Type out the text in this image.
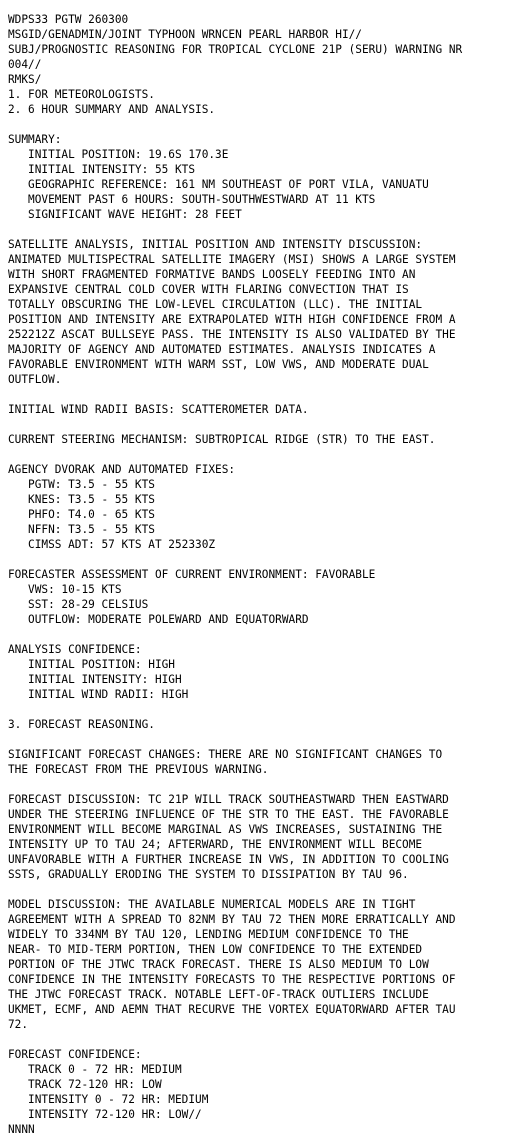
WDPS33 PGTW 260300
MSGID/GENADMIN/JOINT TYPHOON WRNCEN PEARL HARBOR HI//
SUBJ/PROGNOSTIC REASONING FOR TROPICAL CYCLONE 21P (SERU) WARNING NR
004//
RMKS/
1. FOR METEOROLOGISTS.
2. 6 HOUR SUMMARY AND ANALYSIS.
SUMMARY:
INITIAL POSITION: 19.6S 170.3E
INITIAL INTENSITY: 55 KTS
GEOGRAPHIC REFERENCE: 161 NM SOUTHEAST OF PORT VILA, VANUATU
MOVEMENT PAST 6 HOURS: SOUTH-SOUTHWESTWARD AT 11 KTS
SIGNIFICANT WAVE HEIGHT: 28 FEET
SATELLITE ANALYSIS, INITIAL POSITION AND INTENSITY DISCUSSION:
ANIMATED MULTISPECTRAL SATELLITE IMAGERY (MSI) SHOWS A LARGE SYSTEM
WITH SHORT FRAGMENTED FORMATIVE BANDS LOOSELY FEEDING INTO AN
EXPANSIVE CENTRAL COLD COVER WITH FLARING CONVECTION THAT IS
TOTALLY OBSCURING THE LOW-LEVEL CIRCULATION (LLC). THE INITIAL
POSITION AND INTENSITY ARE EXTRAPOLATED WITH HIGH CONFIDENCE FROM A
252212Z ASCAT BULLSEYE PASS. THE INTENSITY IS ALSO VALIDATED BY THE
MAJORITY OF AGENCY AND AUTOMATED ESTIMATES. ANALYSIS INDICATES A
FAVORABLE ENVIRONMENT WITH WARM SST, LOW VWS, AND MODERATE DUAL
OUTFLOW.
INITIAL WIND RADII BASIS: SCATTEROMETER DATA.
CURRENT STEERING MECHANISM: SUBTROPICAL RIDGE (STR) TO THE EAST.
AGENCY DVORAK AND AUTOMATED FIXES:
PGTW: T3.5 - 55 KTS
KNES: T3.5 - 55 KTS
PHFO: T4.0 - 65 KTS
NFFN: T3.5 - 55 KTS
CIMSS ADT: 57 KTS AT 252330Z
FORECASTER ASSESSMENT OF CURRENT ENVIRONMENT: FAVORABLE
VWS: 10-15 KTS
SST: 28-29 CELSIUS
OUTFLOW: MODERATE POLEWARD AND EQUATORWARD
ANALYSIS CONFIDENCE:
INITIAL POSITION: HIGH
INITIAL INTENSITY: HIGH
INITIAL WIND RADII: HIGH
3. FORECAST REASONING.
SIGNIFICANT FORECAST CHANGES: THERE ARE NO SIGNIFICANT CHANGES TO
THE FORECAST FROM THE PREVIOUS WARNING.
FORECAST DISCUSSION: TC 21P WILL TRACK SOUTHEASTWARD THEN EASTWARD
UNDER THE STEERING INFLUENCE OF THE STR TO THE EAST. THE FAVORABLE
ENVIRONMENT WILL BECOME MARGINAL AS VWS INCREASES, SUSTAINING THE
INTENSITY UP TO TAU 24; AFTERWARD, THE ENVIRONMENT WILL BECOME
UNFAVORABLE WITH A FURTHER INCREASE IN VWS, IN ADDITION TO COOLING
SSTS, GRADUALLY ERODING THE SYSTEM TO DISSIPATION BY TAU 96.
MODEL DISCUSSION: THE AVAILABLE NUMERICAL MODELS ARE IN TIGHT
AGREEMENT WITH A SPREAD TO 82NM BY TAU 72 THEN MORE ERRATICALLY AND
WIDELY TO 334NM BY TAU 120, LENDING MEDIUM CONFIDENCE TO THE
NEAR- TO MID-TERM PORTION, THEN LOW CONFIDENCE TO THE EXTENDED
PORTION OF THE JTWC TRACK FORECAST. THERE IS ALSO MEDIUM TO LOW
CONFIDENCE IN THE INTENSITY FORECASTS TO THE RESPECTIVE PORTIONS OF
THE JTWC FORECAST TRACK. NOTABLE LEFT-OF-TRACK OUTLIERS INCLUDE
UKMET, ECMF, AND AEMN THAT RECURVE THE VORTEX EQUATORWARD AFTER TAU
72.
FORECAST CONFIDENCE:
TRACK 0 - 72 HR: MEDIUM
TRACK 72-120 HR: LOW
INTENSITY 0 - 72 HR: MEDIUM
INTENSITY 72-120 HR: LOW//
NNNN
